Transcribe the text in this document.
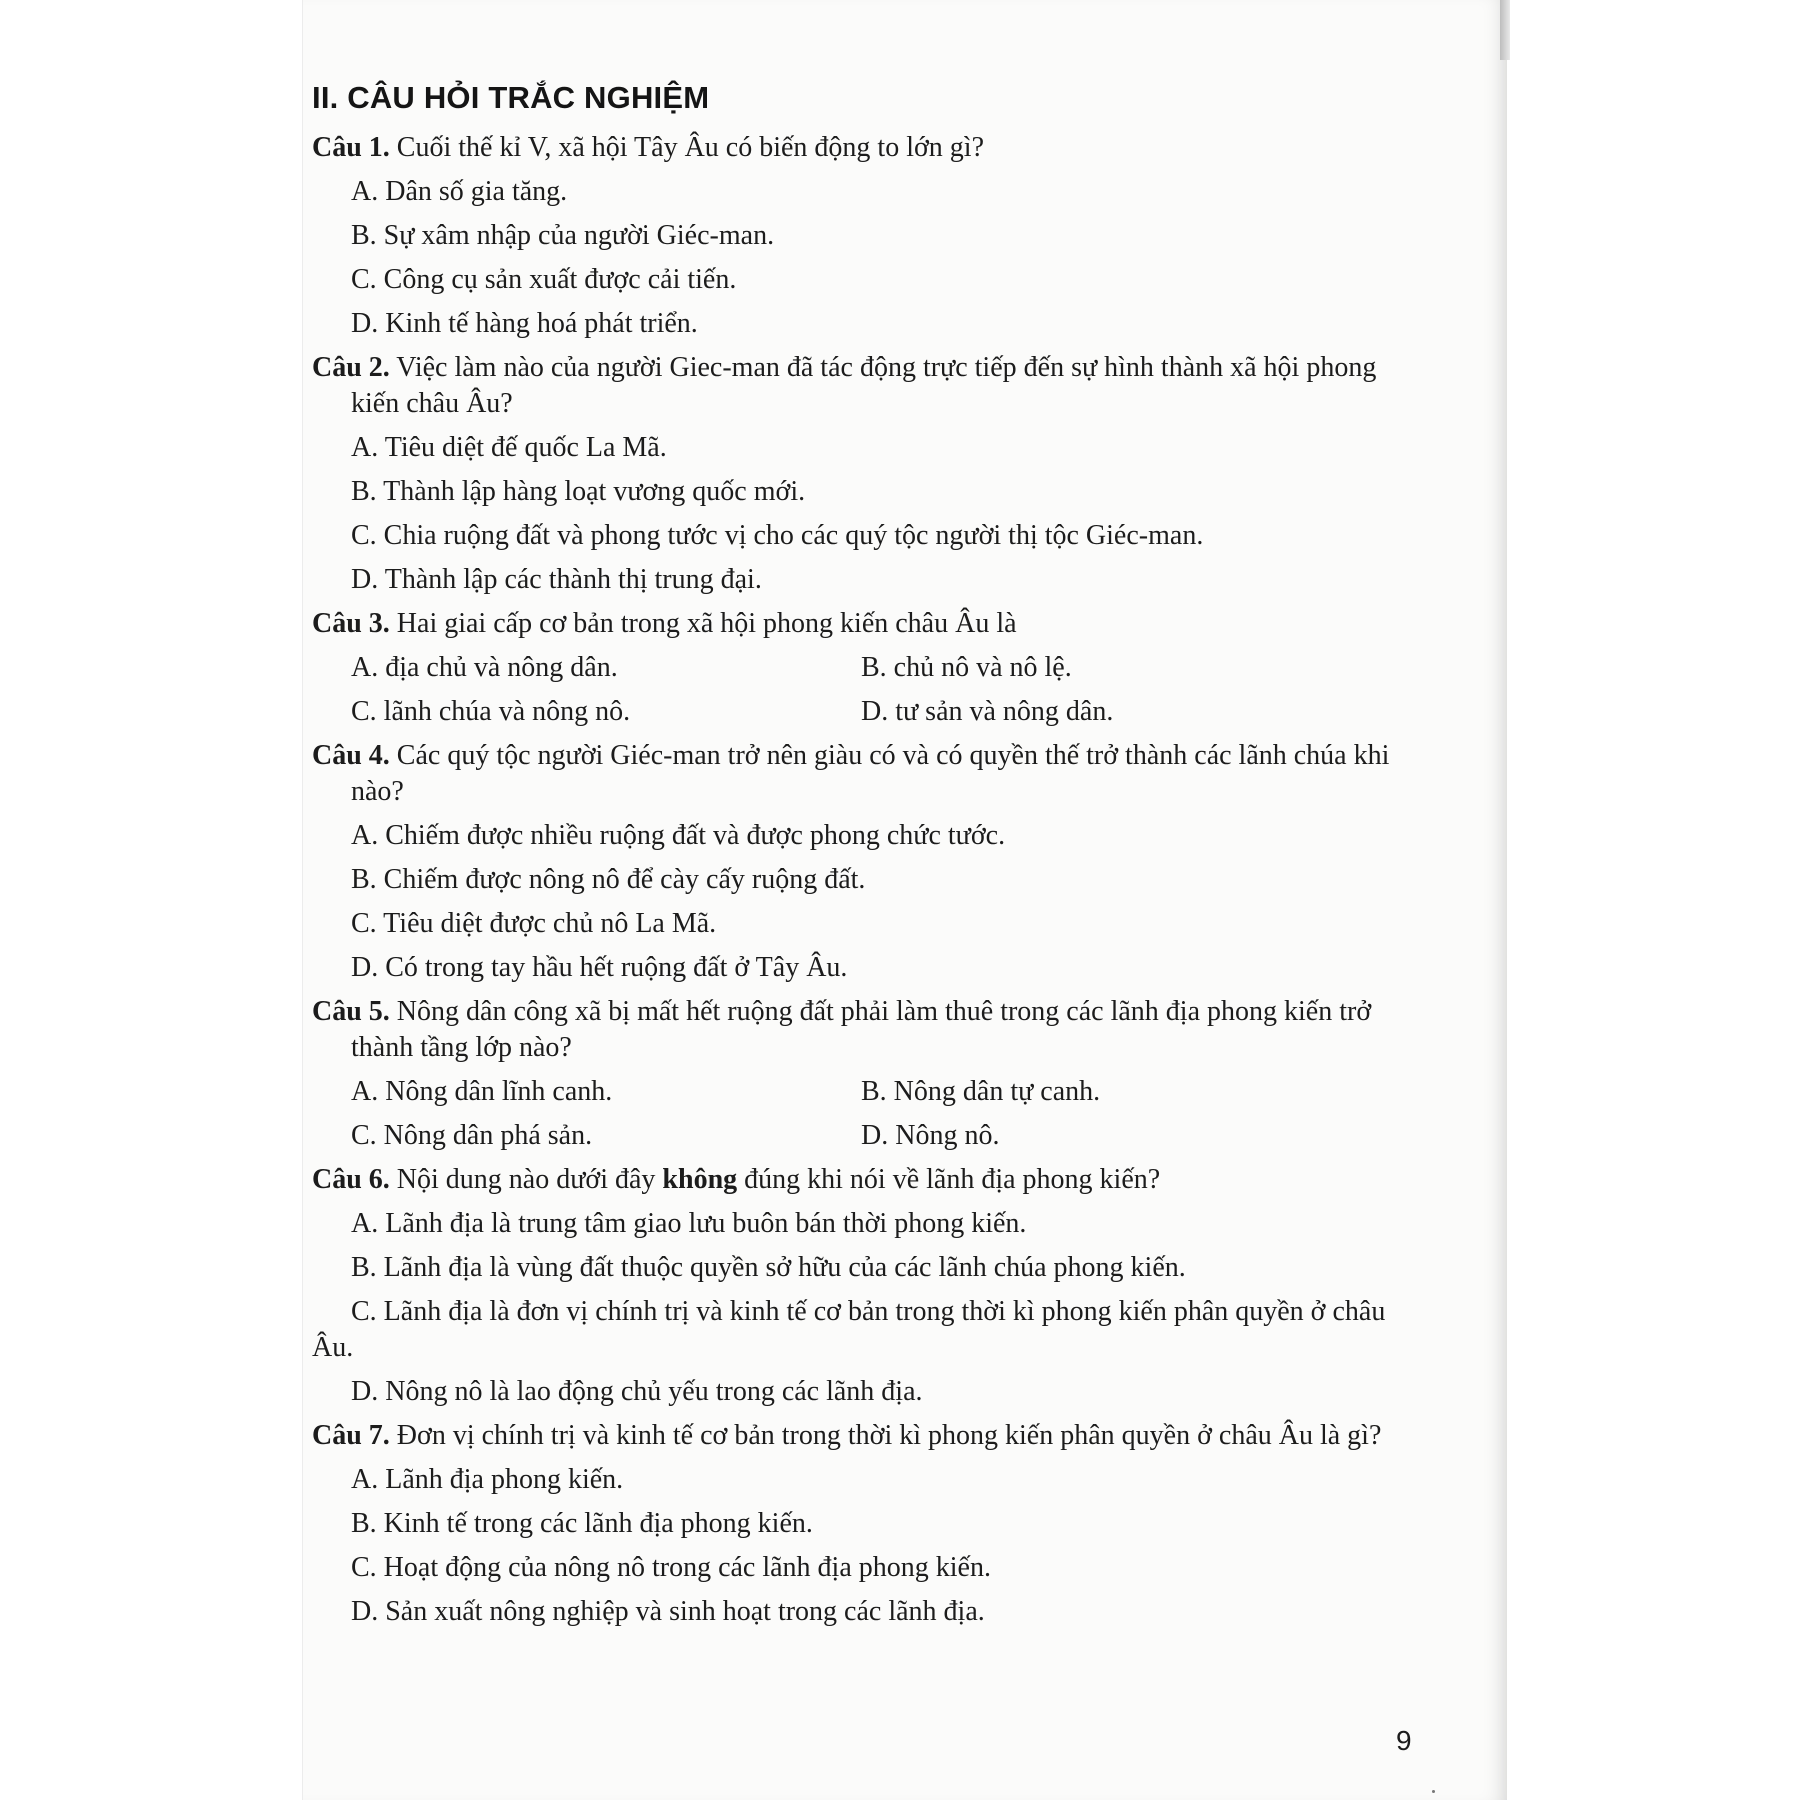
II. CÂU HỎI TRẮC NGHIỆM
Câu 1. Cuối thế kỉ V, xã hội Tây Âu có biến động to lớn gì?
A. Dân số gia tăng.
B. Sự xâm nhập của người Giéc-man.
C. Công cụ sản xuất được cải tiến.
D. Kinh tế hàng hoá phát triển.
Câu 2. Việc làm nào của người Giec-man đã tác động trực tiếp đến sự hình thành xã hội phong kiến châu Âu?
A. Tiêu diệt đế quốc La Mã.
B. Thành lập hàng loạt vương quốc mới.
C. Chia ruộng đất và phong tước vị cho các quý tộc người thị tộc Giéc-man.
D. Thành lập các thành thị trung đại.
Câu 3. Hai giai cấp cơ bản trong xã hội phong kiến châu Âu là
A. địa chủ và nông dân.	B. chủ nô và nô lệ.
C. lãnh chúa và nông nô.	D. tư sản và nông dân.
Câu 4. Các quý tộc người Giéc-man trở nên giàu có và có quyền thế trở thành các lãnh chúa khi nào?
A. Chiếm được nhiều ruộng đất và được phong chức tước.
B. Chiếm được nông nô để cày cấy ruộng đất.
C. Tiêu diệt được chủ nô La Mã.
D. Có trong tay hầu hết ruộng đất ở Tây Âu.
Câu 5. Nông dân công xã bị mất hết ruộng đất phải làm thuê trong các lãnh địa phong kiến trở thành tầng lớp nào?
A. Nông dân lĩnh canh.	B. Nông dân tự canh.
C. Nông dân phá sản.	D. Nông nô.
Câu 6. Nội dung nào dưới đây không đúng khi nói về lãnh địa phong kiến?
A. Lãnh địa là trung tâm giao lưu buôn bán thời phong kiến.
B. Lãnh địa là vùng đất thuộc quyền sở hữu của các lãnh chúa phong kiến.
C. Lãnh địa là đơn vị chính trị và kinh tế cơ bản trong thời kì phong kiến phân quyền ở châu Âu.
D. Nông nô là lao động chủ yếu trong các lãnh địa.
Câu 7. Đơn vị chính trị và kinh tế cơ bản trong thời kì phong kiến phân quyền ở châu Âu là gì?
A. Lãnh địa phong kiến.
B. Kinh tế trong các lãnh địa phong kiến.
C. Hoạt động của nông nô trong các lãnh địa phong kiến.
D. Sản xuất nông nghiệp và sinh hoạt trong các lãnh địa.
9
